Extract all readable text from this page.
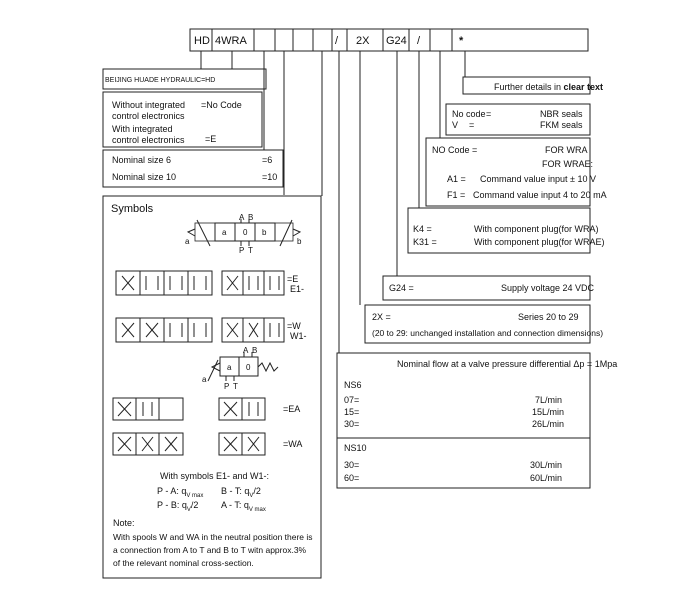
HD 4WRA	/ 2X G24 /	*
BEIJING HUADE HYDRAULIC=HD
Without integrated
control electronics
=No Code
With integrated
control electronics =E
Nominal size 6	=6
Nominal size 10	=10
Symbols
A B
a
a 0 b
b
P T
=E
E1-
=W
W1-
A B
a
a 0
P T
=EA
=WA
With symbols E1- and W1-:
P - A: $q_{V max}$ B - T: $q_V/2$
P - B: $q_V/2$	A - T: $q_{V max}$
Note:
With spools W and WA in the neutral position there is
a connection from A to T and B to T witn approx.3%
of the relevant nominal cross-section.
Further details in clear text
No code =	NBR seals
V =	FKM seals
NO Code =	FOR WRA
FOR WRAE:
A1 = Command value input ± 10 V
F1 = Command value input 4 to 20 mA
K4 =	With component plug(for WRA)
K31 =	With component plug(for WRAE)
G24 =	Supply voltage 24 VDC
2X =	Series 20 to 29
(20 to 29: unchanged installation and connection dimensions)
Nominal flow at a valve pressure differential Δp = 1Mpa
NS6
07=	7L/min
15=	15L/min
30=	26L/min
NS10
30=	30L/min
60=	60L/min
